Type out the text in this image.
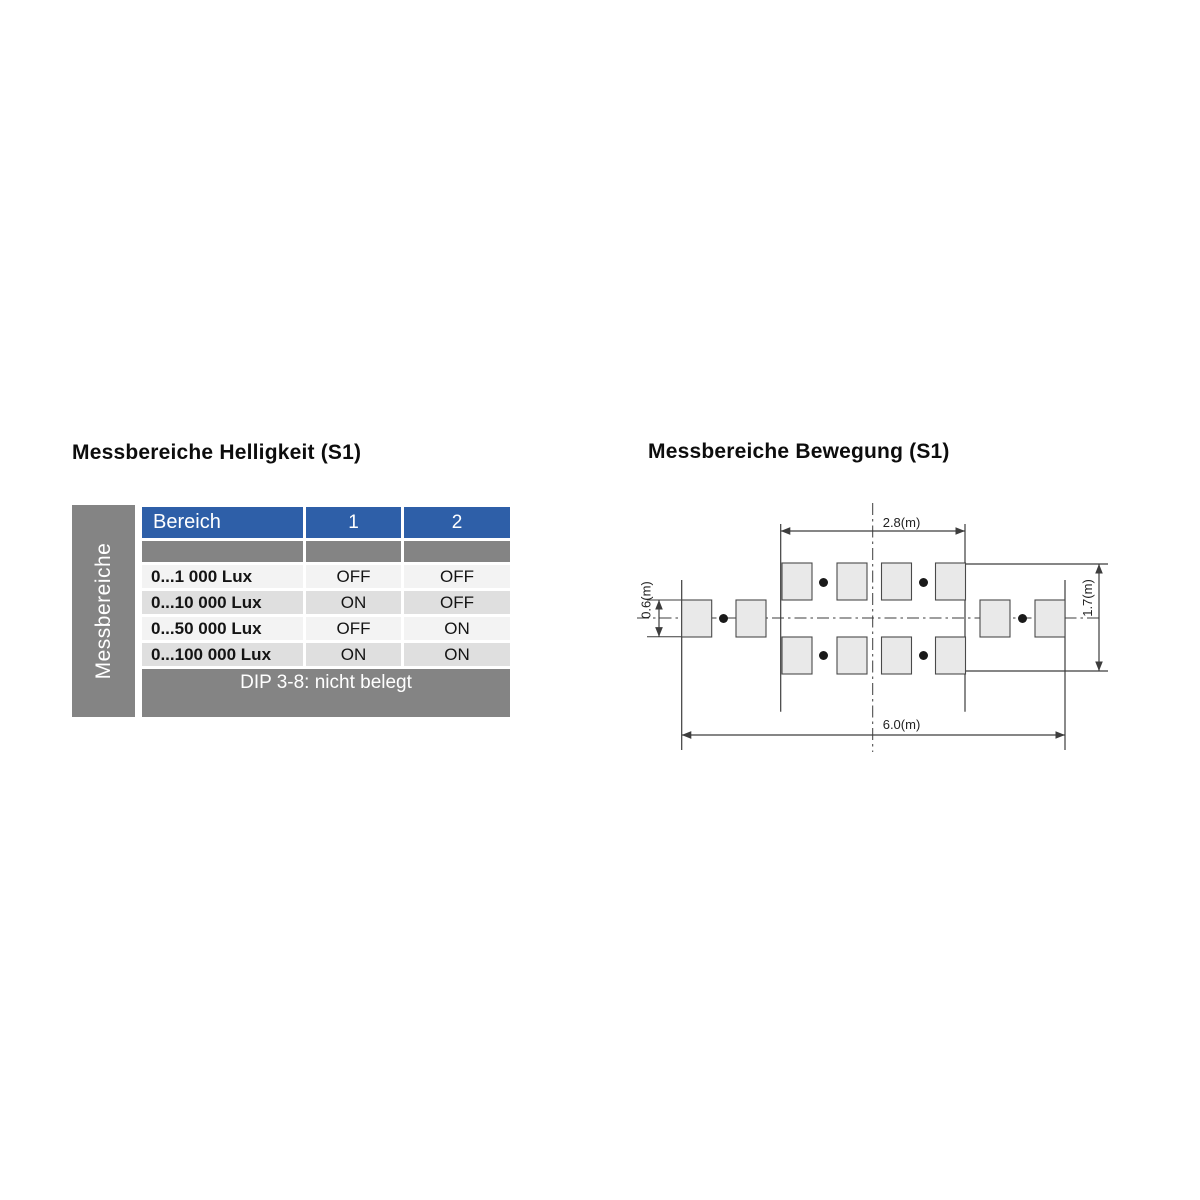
Messbereiche Helligkeit (S1)
Messbereiche
Bereich	1	2

0...1 000 Lux	OFF	OFF
0...10 000 Lux	ON	OFF
0...50 000 Lux	OFF	ON
0...100 000 Lux	ON	ON
DIP 3-8: nicht belegt		
Messbereiche Bewegung (S1)
2.8(m)
6.0(m)
0.6(m)	1.7(m)
